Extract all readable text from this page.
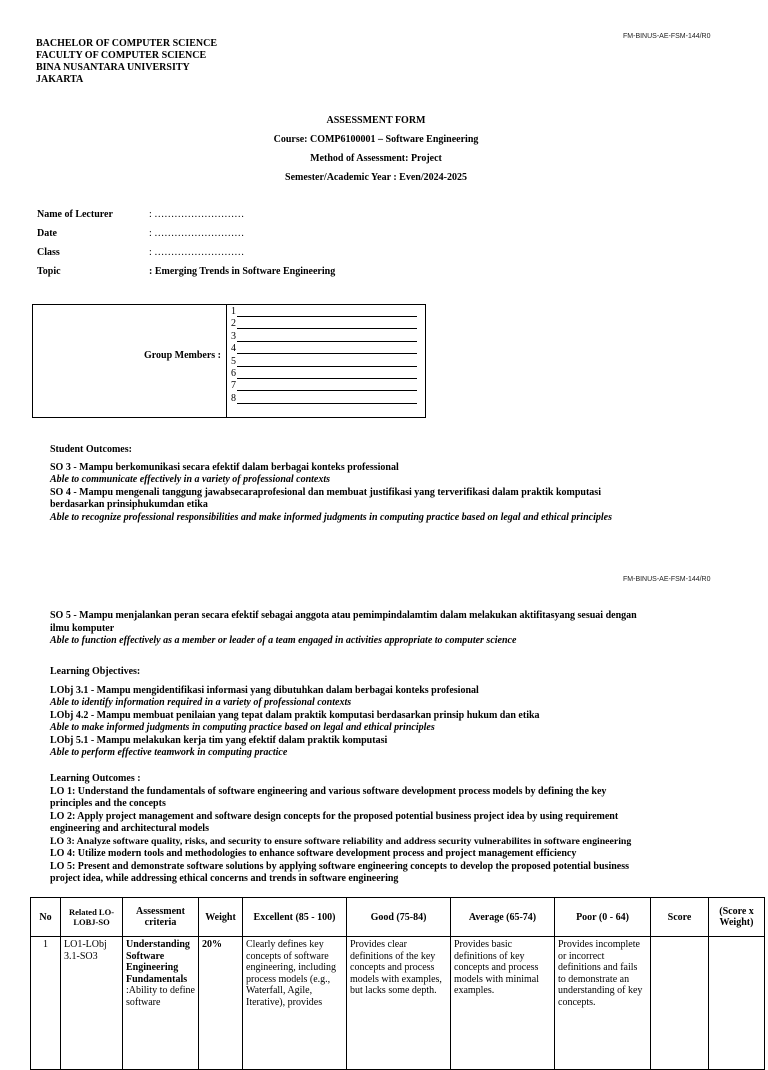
FM-BINUS-AE-FSM-144/R0
BACHELOR OF COMPUTER SCIENCE
FACULTY OF COMPUTER SCIENCE
BINA NUSANTARA UNIVERSITY
JAKARTA
ASSESSMENT FORM
Course: COMP6100001 – Software Engineering
Method of Assessment: Project
Semester/Academic Year : Even/2024-2025
Name of Lecturer	: ………………………
Date	: ………………………
Class	: ………………………
Topic	: Emerging Trends in Software Engineering
Group Members :
1
2
3
4
5
6
7
8
Student Outcomes:
SO 3 - Mampu berkomunikasi secara efektif dalam berbagai konteks professional
Able to communicate effectively in a variety of professional contexts
SO 4 - Mampu mengenali tanggung jawabsecaraprofesional dan membuat justifikasi yang terverifikasi dalam praktik komputasi
berdasarkan prinsiphukumdan etika
Able to recognize professional responsibilities and make informed judgments in computing practice based on legal and ethical principles
FM-BINUS-AE-FSM-144/R0
SO 5 - Mampu menjalankan peran secara efektif sebagai anggota atau pemimpindalamtim dalam melakukan aktifitasyang sesuai dengan
ilmu komputer
Able to function effectively as a member or leader of a team engaged in activities appropriate to computer science
Learning Objectives:
LObj 3.1 - Mampu mengidentifikasi informasi yang dibutuhkan dalam berbagai konteks profesional
Able to identify information required in a variety of professional contexts
LObj 4.2 - Mampu membuat penilaian yang tepat dalam praktik komputasi berdasarkan prinsip hukum dan etika
Able to make informed judgments in computing practice based on legal and ethical principles
LObj 5.1 - Mampu melakukan kerja tim yang efektif dalam praktik komputasi
Able to perform effective teamwork in computing practice
Learning Outcomes :
LO 1: Understand the fundamentals of software engineering and various software development process models by defining the key
principles and the concepts
LO 2: Apply project management and software design concepts for the proposed potential business project idea by using requirement
engineering and architectural models
LO 3: Analyze software quality, risks, and security to ensure software reliability and address security vulnerabilites in software engineering
LO 4: Utilize modern tools and methodologies to enhance software development process and project management efficiency
LO 5: Present and demonstrate software solutions by applying software engineering concepts to develop the proposed potential business
project idea, while addressing ethical concerns and trends in software engineering
No	Related LO-LOBJ-SO	Assessment criteria	Weight	Excellent (85 - 100)	Good (75-84)	Average (65-74)	Poor (0 - 64)	Score	(Score x Weight)
1	LO1-LObj 3.1-SO3	Understanding Software Engineering Fundamentals :Ability to define software	20%	Clearly defines key concepts of software engineering, including process models (e.g., Waterfall, Agile, Iterative), provides	Provides clear definitions of the key concepts and process models with examples, but lacks some depth.	Provides basic definitions of key concepts and process models with minimal examples.	Provides incomplete or incorrect definitions and fails to demonstrate an understanding of key concepts.		
